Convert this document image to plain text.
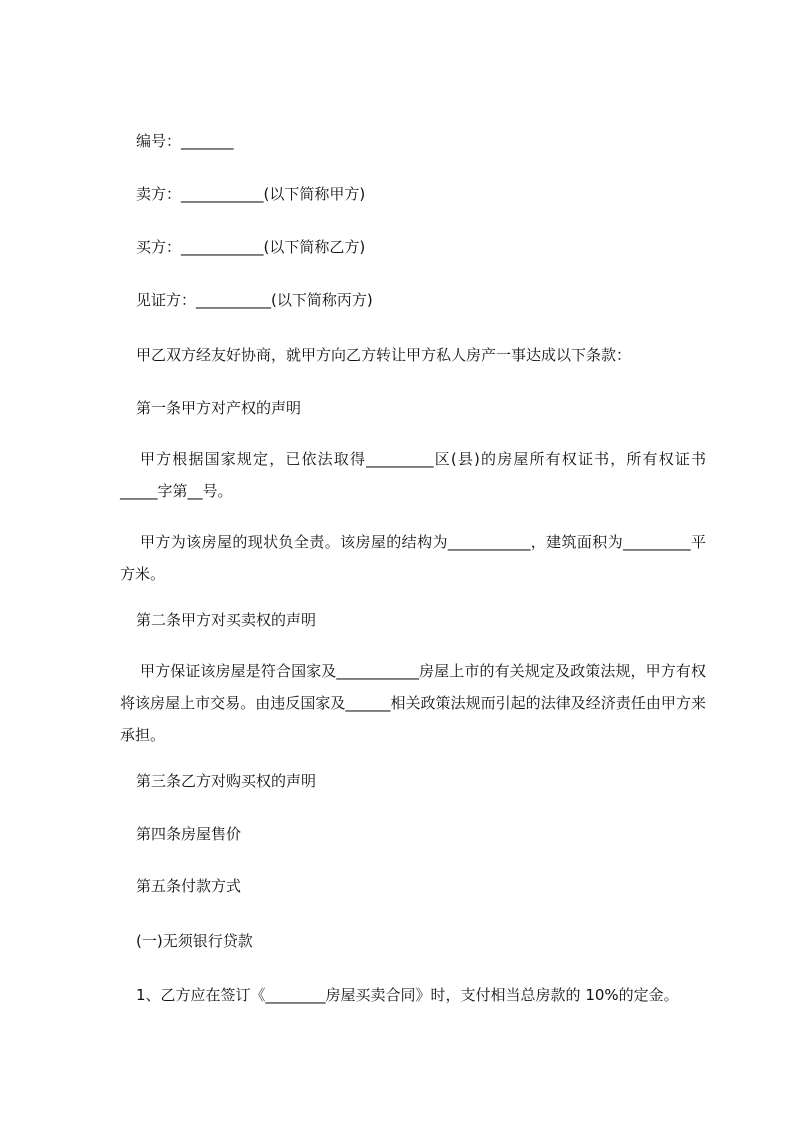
编号：_______
卖方：___________(以下简称甲方)
买方：___________(以下简称乙方)
见证方：__________(以下简称丙方)
甲乙双方经友好协商，就甲方向乙方转让甲方私人房产一事达成以下条款：
第一条甲方对产权的声明
甲方根据国家规定，已依法取得_________区(县)的房屋所有权证书，所有权证书_____字第__号。
甲方为该房屋的现状负全责。该房屋的结构为___________，建筑面积为_________平方米。
第二条甲方对买卖权的声明
甲方保证该房屋是符合国家及___________房屋上市的有关规定及政策法规，甲方有权将该房屋上市交易。由违反国家及______相关政策法规而引起的法律及经济责任由甲方来承担。
第三条乙方对购买权的声明
第四条房屋售价
第五条付款方式
(一)无须银行贷款
1、乙方应在签订《________房屋买卖合同》时，支付相当总房款的 10%的定金。
